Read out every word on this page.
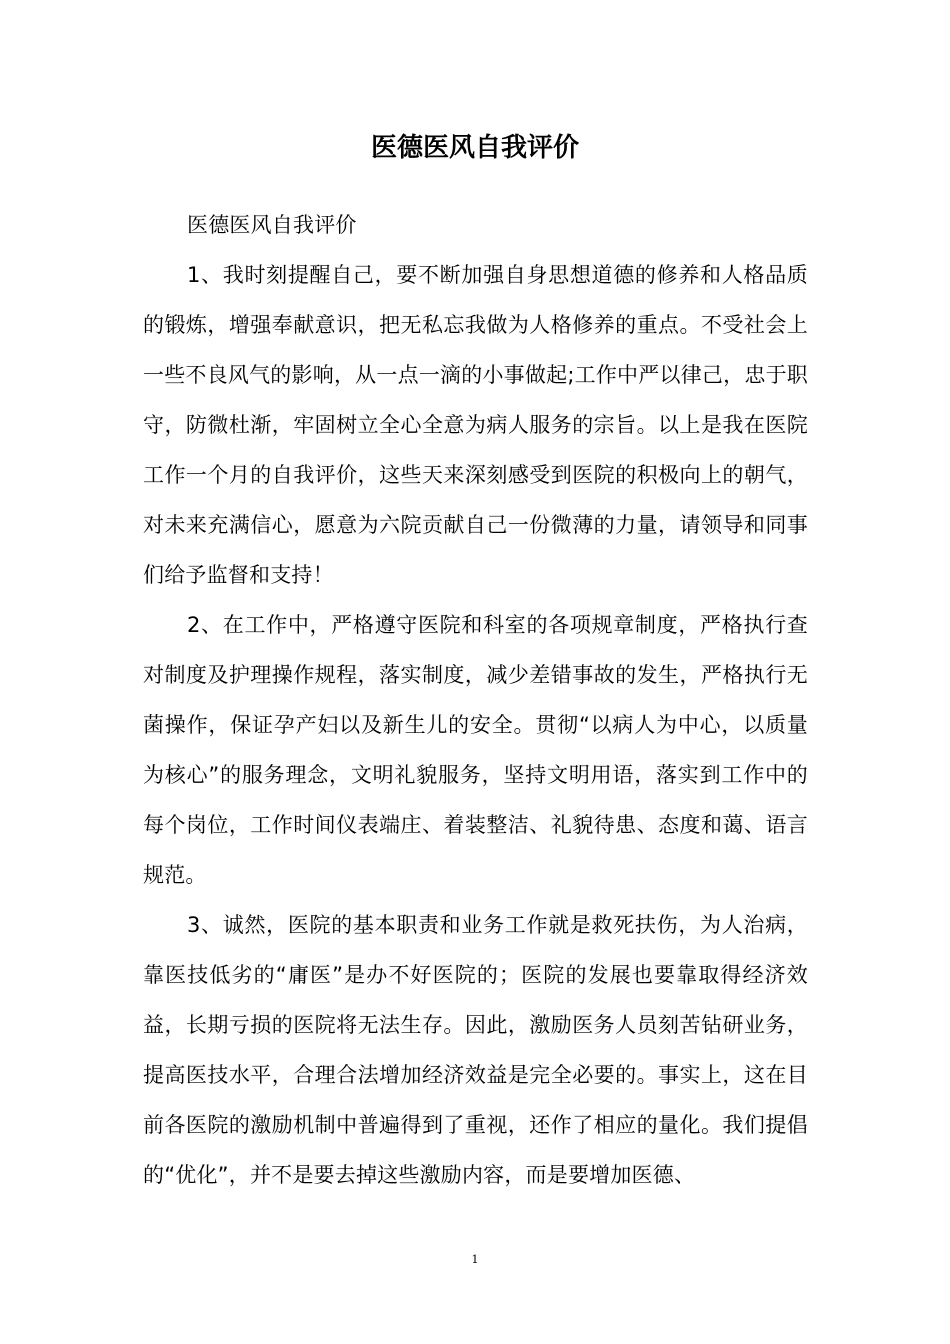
医德医风自我评价

医德医风自我评价

1、我时刻提醒自己，要不断加强自身思想道德的修养和人格品质的锻炼，增强奉献意识，把无私忘我做为人格修养的重点。不受社会上一些不良风气的影响，从一点一滴的小事做起;工作中严以律己，忠于职守，防微杜渐，牢固树立全心全意为病人服务的宗旨。以上是我在医院工作一个月的自我评价，这些天来深刻感受到医院的积极向上的朝气，对未来充满信心，愿意为六院贡献自己一份微薄的力量，请领导和同事们给予监督和支持！

2、在工作中，严格遵守医院和科室的各项规章制度，严格执行查对制度及护理操作规程，落实制度，减少差错事故的发生，严格执行无菌操作，保证孕产妇以及新生儿的安全。贯彻“以病人为中心，以质量为核心”的服务理念，文明礼貌服务，坚持文明用语，落实到工作中的每个岗位，工作时间仪表端庄、着装整洁、礼貌待患、态度和蔼、语言规范。

3、诚然，医院的基本职责和业务工作就是救死扶伤，为人治病，靠医技低劣的“庸医”是办不好医院的；医院的发展也要靠取得经济效益，长期亏损的医院将无法生存。因此，激励医务人员刻苦钻研业务，提高医技水平，合理合法增加经济效益是完全必要的。事实上，这在目前各医院的激励机制中普遍得到了重视，还作了相应的量化。我们提倡的“优化”，并不是要去掉这些激励内容，而是要增加医德、

1
